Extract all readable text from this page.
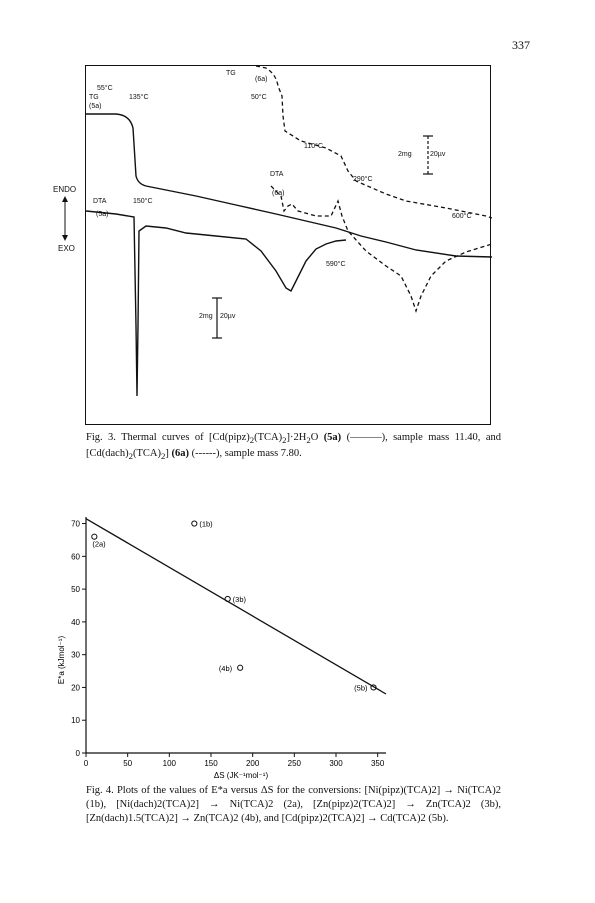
337
ENDO
EXO
55°C
TG
(5a)
135°C
DTA
(5a)
150°C
590°C
TG
(6a)
50°C
110°C
DTA
(6a)
290°C
600°C
2mg 20µv
2mg	20µv
Fig. 3. Thermal curves of $[Cd(pipz)_2(TCA)_2]\cdot 2H_2O$ (5a) (———), sample mass 11.40, and $[Cd(dach)_2(TCA)_2]$ (6a) (------), sample mass 7.80.
0
10
20
30
40
50
60
70
0	50	100	150	200	250	300	350
(1b)
(2a)
(3b)
(4b)
(5b)
E*a (kJmol⁻¹)
ΔS (JK⁻¹mol⁻¹)
Fig. 4. Plots of the values of E*a versus ΔS for the conversions: [Ni(pipz)(TCA)2] → Ni(TCA)2 (1b), [Ni(dach)2(TCA)2] → Ni(TCA)2 (2a), [Zn(pipz)2(TCA)2] → Zn(TCA)2 (3b), [Zn(dach)1.5(TCA)2] → Zn(TCA)2 (4b), and [Cd(pipz)2(TCA)2] → Cd(TCA)2 (5b).
